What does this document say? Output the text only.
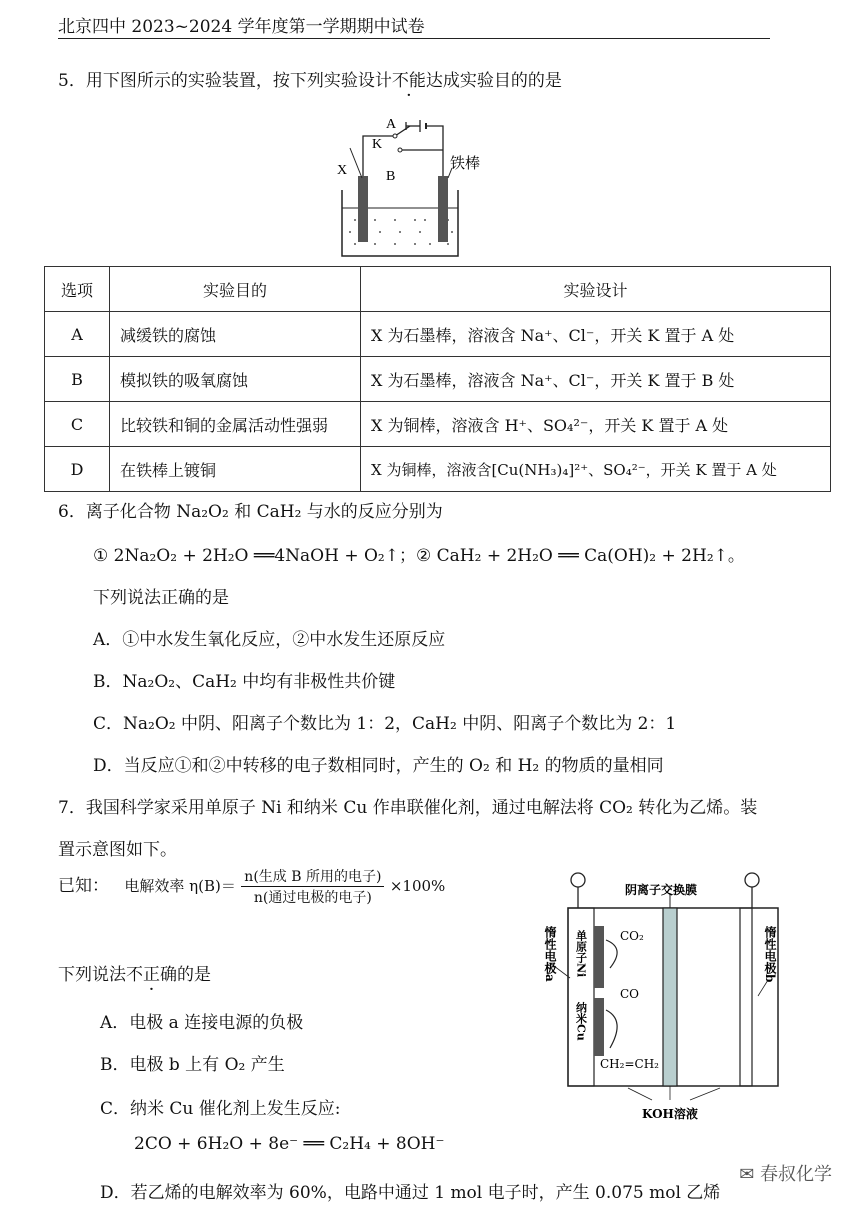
北京四中 2023~2024 学年度第一学期期中试卷
5．用下图所示的实验装置，按下列实验设计不能达成实验目的的是
A
K
X	B
铁棒
选项	实验目的	实验设计
A	减缓铁的腐蚀	X 为石墨棒，溶液含 Na⁺、Cl⁻，开关 K 置于 A 处
B	模拟铁的吸氧腐蚀	X 为石墨棒，溶液含 Na⁺、Cl⁻，开关 K 置于 B 处
C	比较铁和铜的金属活动性强弱	X 为铜棒，溶液含 H⁺、SO₄²⁻，开关 K 置于 A 处
D	在铁棒上镀铜	X 为铜棒，溶液含[Cu(NH₃)₄]²⁺、SO₄²⁻，开关 K 置于 A 处
6．离子化合物 Na₂O₂ 和 CaH₂ 与水的反应分别为
① 2Na₂O₂ + 2H₂O ══4NaOH + O₂↑；② CaH₂ + 2H₂O ══ Ca(OH)₂ + 2H₂↑。
下列说法正确的是
A．①中水发生氧化反应，②中水发生还原反应
B．Na₂O₂、CaH₂ 中均有非极性共价键
C．Na₂O₂ 中阴、阳离子个数比为 1：2，CaH₂ 中阴、阳离子个数比为 2：1
D．当反应①和②中转移的电子数相同时，产生的 O₂ 和 H₂ 的物质的量相同
7．我国科学家采用单原子 Ni 和纳米 Cu 作串联催化剂，通过电解法将 CO₂ 转化为乙烯。装
置示意图如下。
已知： 电解效率 $\eta(B)= \frac{\text{n(生成 B 所用的电子)}}{\text{n(通过电极的电子)}} \times 100\%$
下列说法不正确的是
A．电极 a 连接电源的负极
B．电极 b 上有 O₂ 产生
C．纳米 Cu 催化剂上发生反应:
2CO + 6H₂O + 8e⁻ ══ C₂H₄ + 8OH⁻
D．若乙烯的电解效率为 60%，电路中通过 1 mol 电子时，产生 0.075 mol 乙烯
阴离子交换膜
CO₂
CO
CH₂=CH₂
KOH溶液
惰性电极a	惰性电极b
单原子Ni
纳米Cu
✉ 春叔化学
